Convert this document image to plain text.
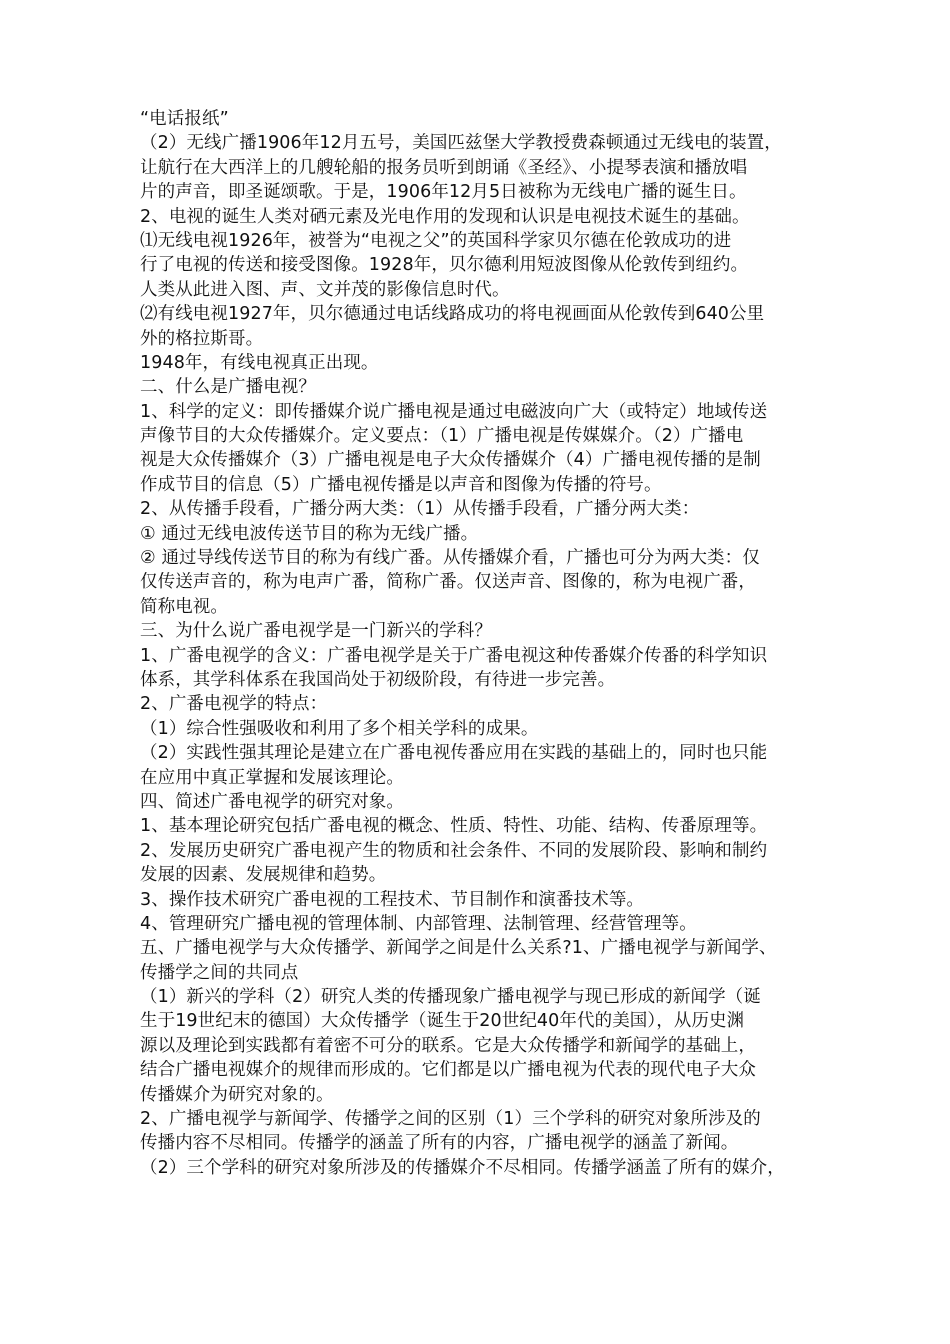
“电话报纸”
（2）无线广播1906年12月五号，美国匹兹堡大学教授费森顿通过无线电的装置，
让航行在大西洋上的几艘轮船的报务员听到朗诵《圣经》、小提琴表演和播放唱
片的声音，即圣诞颂歌。于是，1906年12月5日被称为无线电广播的诞生日。
2、电视的诞生人类对硒元素及光电作用的发现和认识是电视技术诞生的基础。
⑴无线电视1926年，被誉为“电视之父”的英国科学家贝尔德在伦敦成功的进
行了电视的传送和接受图像。1928年，贝尔德利用短波图像从伦敦传到纽约。
人类从此进入图、声、文并茂的影像信息时代。
⑵有线电视1927年，贝尔德通过电话线路成功的将电视画面从伦敦传到640公里
外的格拉斯哥。
1948年，有线电视真正出现。
二、什么是广播电视？
1、科学的定义：即传播媒介说广播电视是通过电磁波向广大（或特定）地域传送
声像节目的大众传播媒介。定义要点：（1）广播电视是传媒媒介。（2）广播电
视是大众传播媒介（3）广播电视是电子大众传播媒介（4）广播电视传播的是制
作成节目的信息（5）广播电视传播是以声音和图像为传播的符号。
2、从传播手段看，广播分两大类：（1）从传播手段看，广播分两大类：
① 通过无线电波传送节目的称为无线广播。
② 通过导线传送节目的称为有线广番。从传播媒介看，广播也可分为两大类：仅
仅传送声音的，称为电声广番，简称广番。仅送声音、图像的，称为电视广番，
简称电视。
三、为什么说广番电视学是一门新兴的学科？
1、广番电视学的含义：广番电视学是关于广番电视这种传番媒介传番的科学知识
体系，其学科体系在我国尚处于初级阶段，有待进一步完善。
2、广番电视学的特点：
（1）综合性强吸收和利用了多个相关学科的成果。
（2）实践性强其理论是建立在广番电视传番应用在实践的基础上的，同时也只能
在应用中真正掌握和发展该理论。
四、简述广番电视学的研究对象。
1、基本理论研究包括广番电视的概念、性质、特性、功能、结构、传番原理等。
2、发展历史研究广番电视产生的物质和社会条件、不同的发展阶段、影响和制约
发展的因素、发展规律和趋势。
3、操作技术研究广番电视的工程技术、节目制作和演番技术等。
4、管理研究广播电视的管理体制、内部管理、法制管理、经营管理等。
五、广播电视学与大众传播学、新闻学之间是什么关系?1、广播电视学与新闻学、
传播学之间的共同点
（1）新兴的学科（2）研究人类的传播现象广播电视学与现已形成的新闻学（诞
生于19世纪末的德国）大众传播学（诞生于20世纪40年代的美国），从历史渊
源以及理论到实践都有着密不可分的联系。它是大众传播学和新闻学的基础上，
结合广播电视媒介的规律而形成的。它们都是以广播电视为代表的现代电子大众
传播媒介为研究对象的。
2、广播电视学与新闻学、传播学之间的区别（1）三个学科的研究对象所涉及的
传播内容不尽相同。传播学的涵盖了所有的内容，广播电视学的涵盖了新闻。
（2）三个学科的研究对象所涉及的传播媒介不尽相同。传播学涵盖了所有的媒介，
